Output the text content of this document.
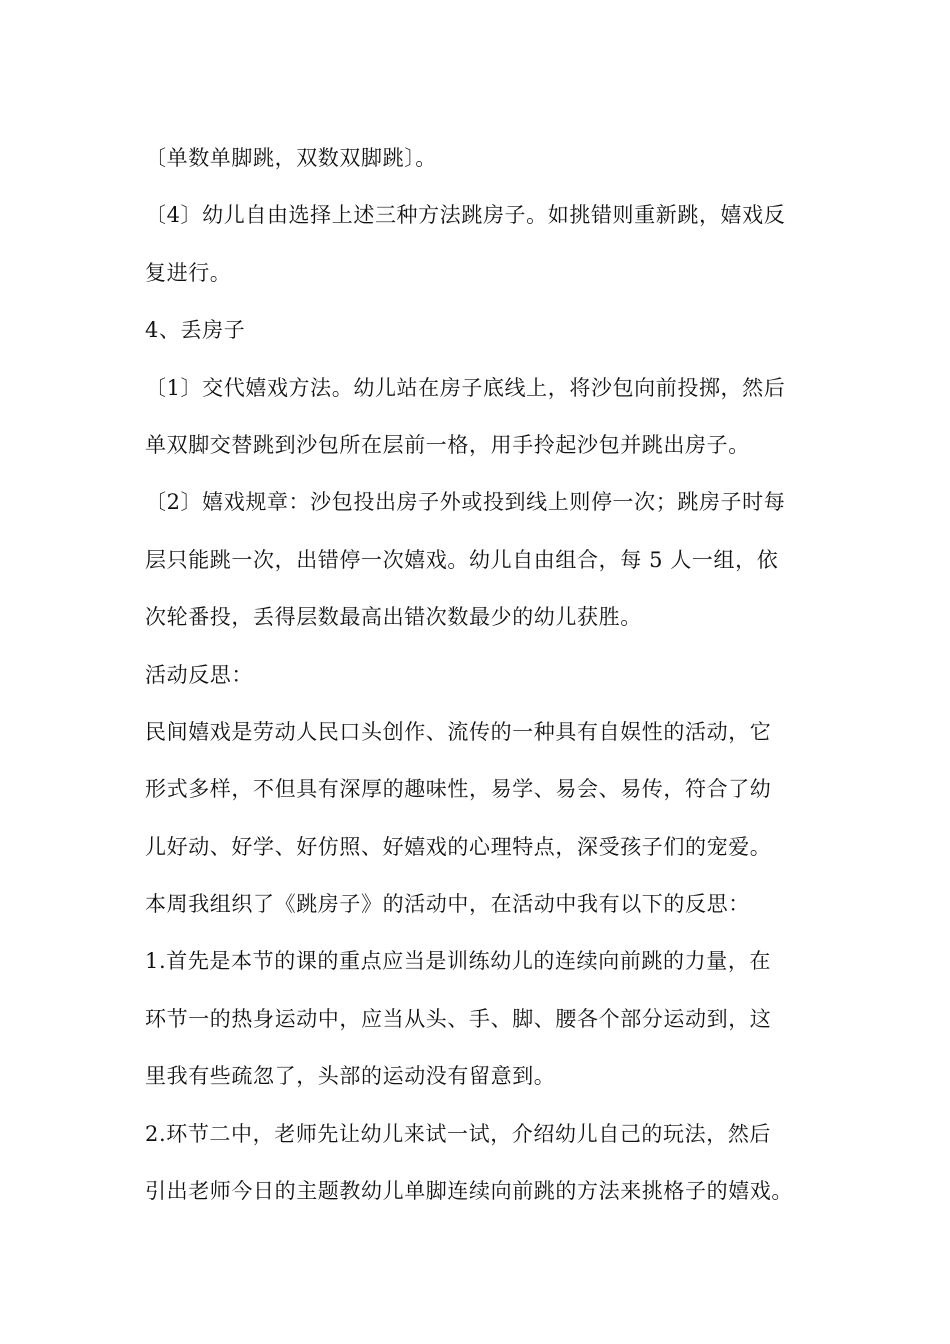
〔单数单脚跳，双数双脚跳〕。
〔4〕幼儿自由选择上述三种方法跳房子。如挑错则重新跳，嬉戏反
复进行。
4、丢房子
〔1〕交代嬉戏方法。幼儿站在房子底线上，将沙包向前投掷，然后
单双脚交替跳到沙包所在层前一格，用手拎起沙包并跳出房子。
〔2〕嬉戏规章：沙包投出房子外或投到线上则停一次；跳房子时每
层只能跳一次，出错停一次嬉戏。幼儿自由组合，每 5 人一组，依
次轮番投，丢得层数最高出错次数最少的幼儿获胜。
活动反思：
民间嬉戏是劳动人民口头创作、流传的一种具有自娱性的活动，它
形式多样，不但具有深厚的趣味性，易学、易会、易传，符合了幼
儿好动、好学、好仿照、好嬉戏的心理特点，深受孩子们的宠爱。
本周我组织了《跳房子》的活动中，在活动中我有以下的反思：
1.首先是本节的课的重点应当是训练幼儿的连续向前跳的力量，在
环节一的热身运动中，应当从头、手、脚、腰各个部分运动到，这
里我有些疏忽了，头部的运动没有留意到。
2.环节二中，老师先让幼儿来试一试，介绍幼儿自己的玩法，然后
引出老师今日的主题教幼儿单脚连续向前跳的方法来挑格子的嬉戏。
